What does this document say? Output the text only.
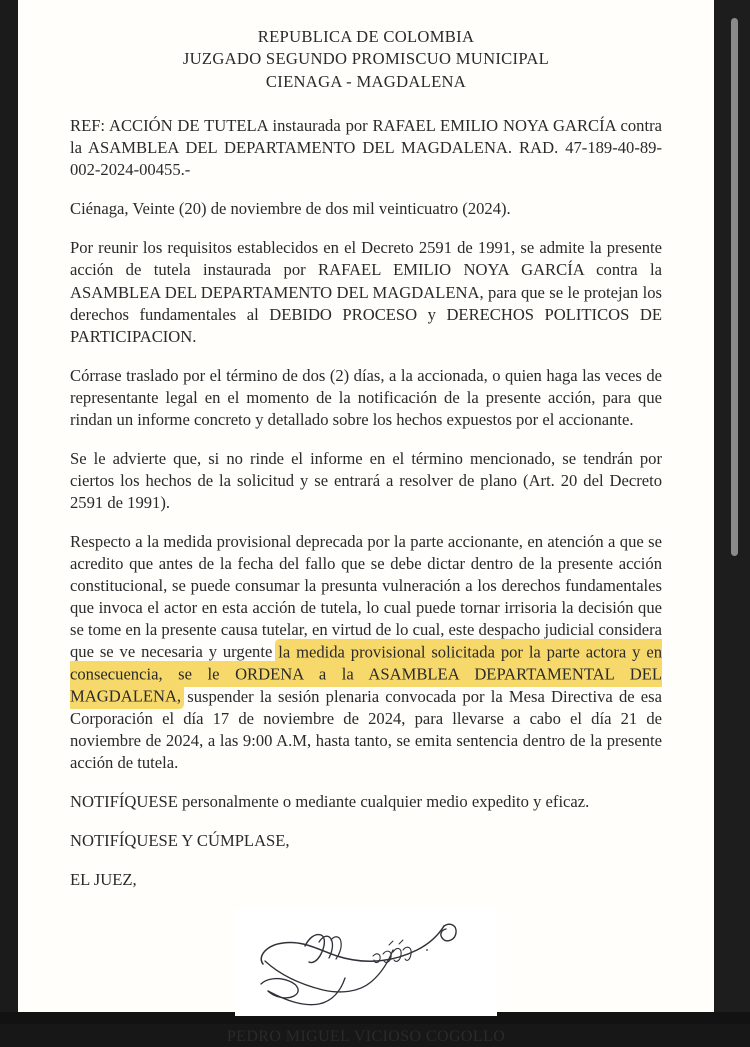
REPUBLICA DE COLOMBIA
JUZGADO SEGUNDO PROMISCUO MUNICIPAL
CIENAGA - MAGDALENA

REF: ACCIÓN DE TUTELA instaurada por RAFAEL EMILIO NOYA GARCÍA contra la ASAMBLEA DEL DEPARTAMENTO DEL MAGDALENA. RAD. 47-189-40-89-002-2024-00455.-

Ciénaga, Veinte (20) de noviembre de dos mil veinticuatro (2024).

Por reunir los requisitos establecidos en el Decreto 2591 de 1991, se admite la presente acción de tutela instaurada por RAFAEL EMILIO NOYA GARCÍA contra la ASAMBLEA DEL DEPARTAMENTO DEL MAGDALENA, para que se le protejan los derechos fundamentales al DEBIDO PROCESO y DERECHOS POLITICOS DE PARTICIPACION.

Córrase traslado por el término de dos (2) días, a la accionada, o quien haga las veces de representante legal en el momento de la notificación de la presente acción, para que rindan un informe concreto y detallado sobre los hechos expuestos por el accionante.

Se le advierte que, si no rinde el informe en el término mencionado, se tendrán por ciertos los hechos de la solicitud y se entrará a resolver de plano (Art. 20 del Decreto 2591 de 1991).

Respecto a la medida provisional deprecada por la parte accionante, en atención a que se acredito que antes de la fecha del fallo que se debe dictar dentro de la presente acción constitucional, se puede consumar la presunta vulneración a los derechos fundamentales que invoca el actor en esta acción de tutela, lo cual puede tornar irrisoria la decisión que se tome en la presente causa tutelar, en virtud de lo cual, este despacho judicial considera que se ve necesaria y urgente la medida provisional solicitada por la parte actora y en consecuencia, se le ORDENA a la ASAMBLEA DEPARTAMENTAL DEL MAGDALENA, suspender la sesión plenaria convocada por la Mesa Directiva de esa Corporación el día 17 de noviembre de 2024, para llevarse a cabo el día 21 de noviembre de 2024, a las 9:00 A.M, hasta tanto, se emita sentencia dentro de la presente acción de tutela.

NOTIFÍQUESE personalmente o mediante cualquier medio expedito y eficaz.

NOTIFÍQUESE Y CÚMPLASE,

EL JUEZ,

PEDRO MIGUEL VICIOSO COGOLLO
